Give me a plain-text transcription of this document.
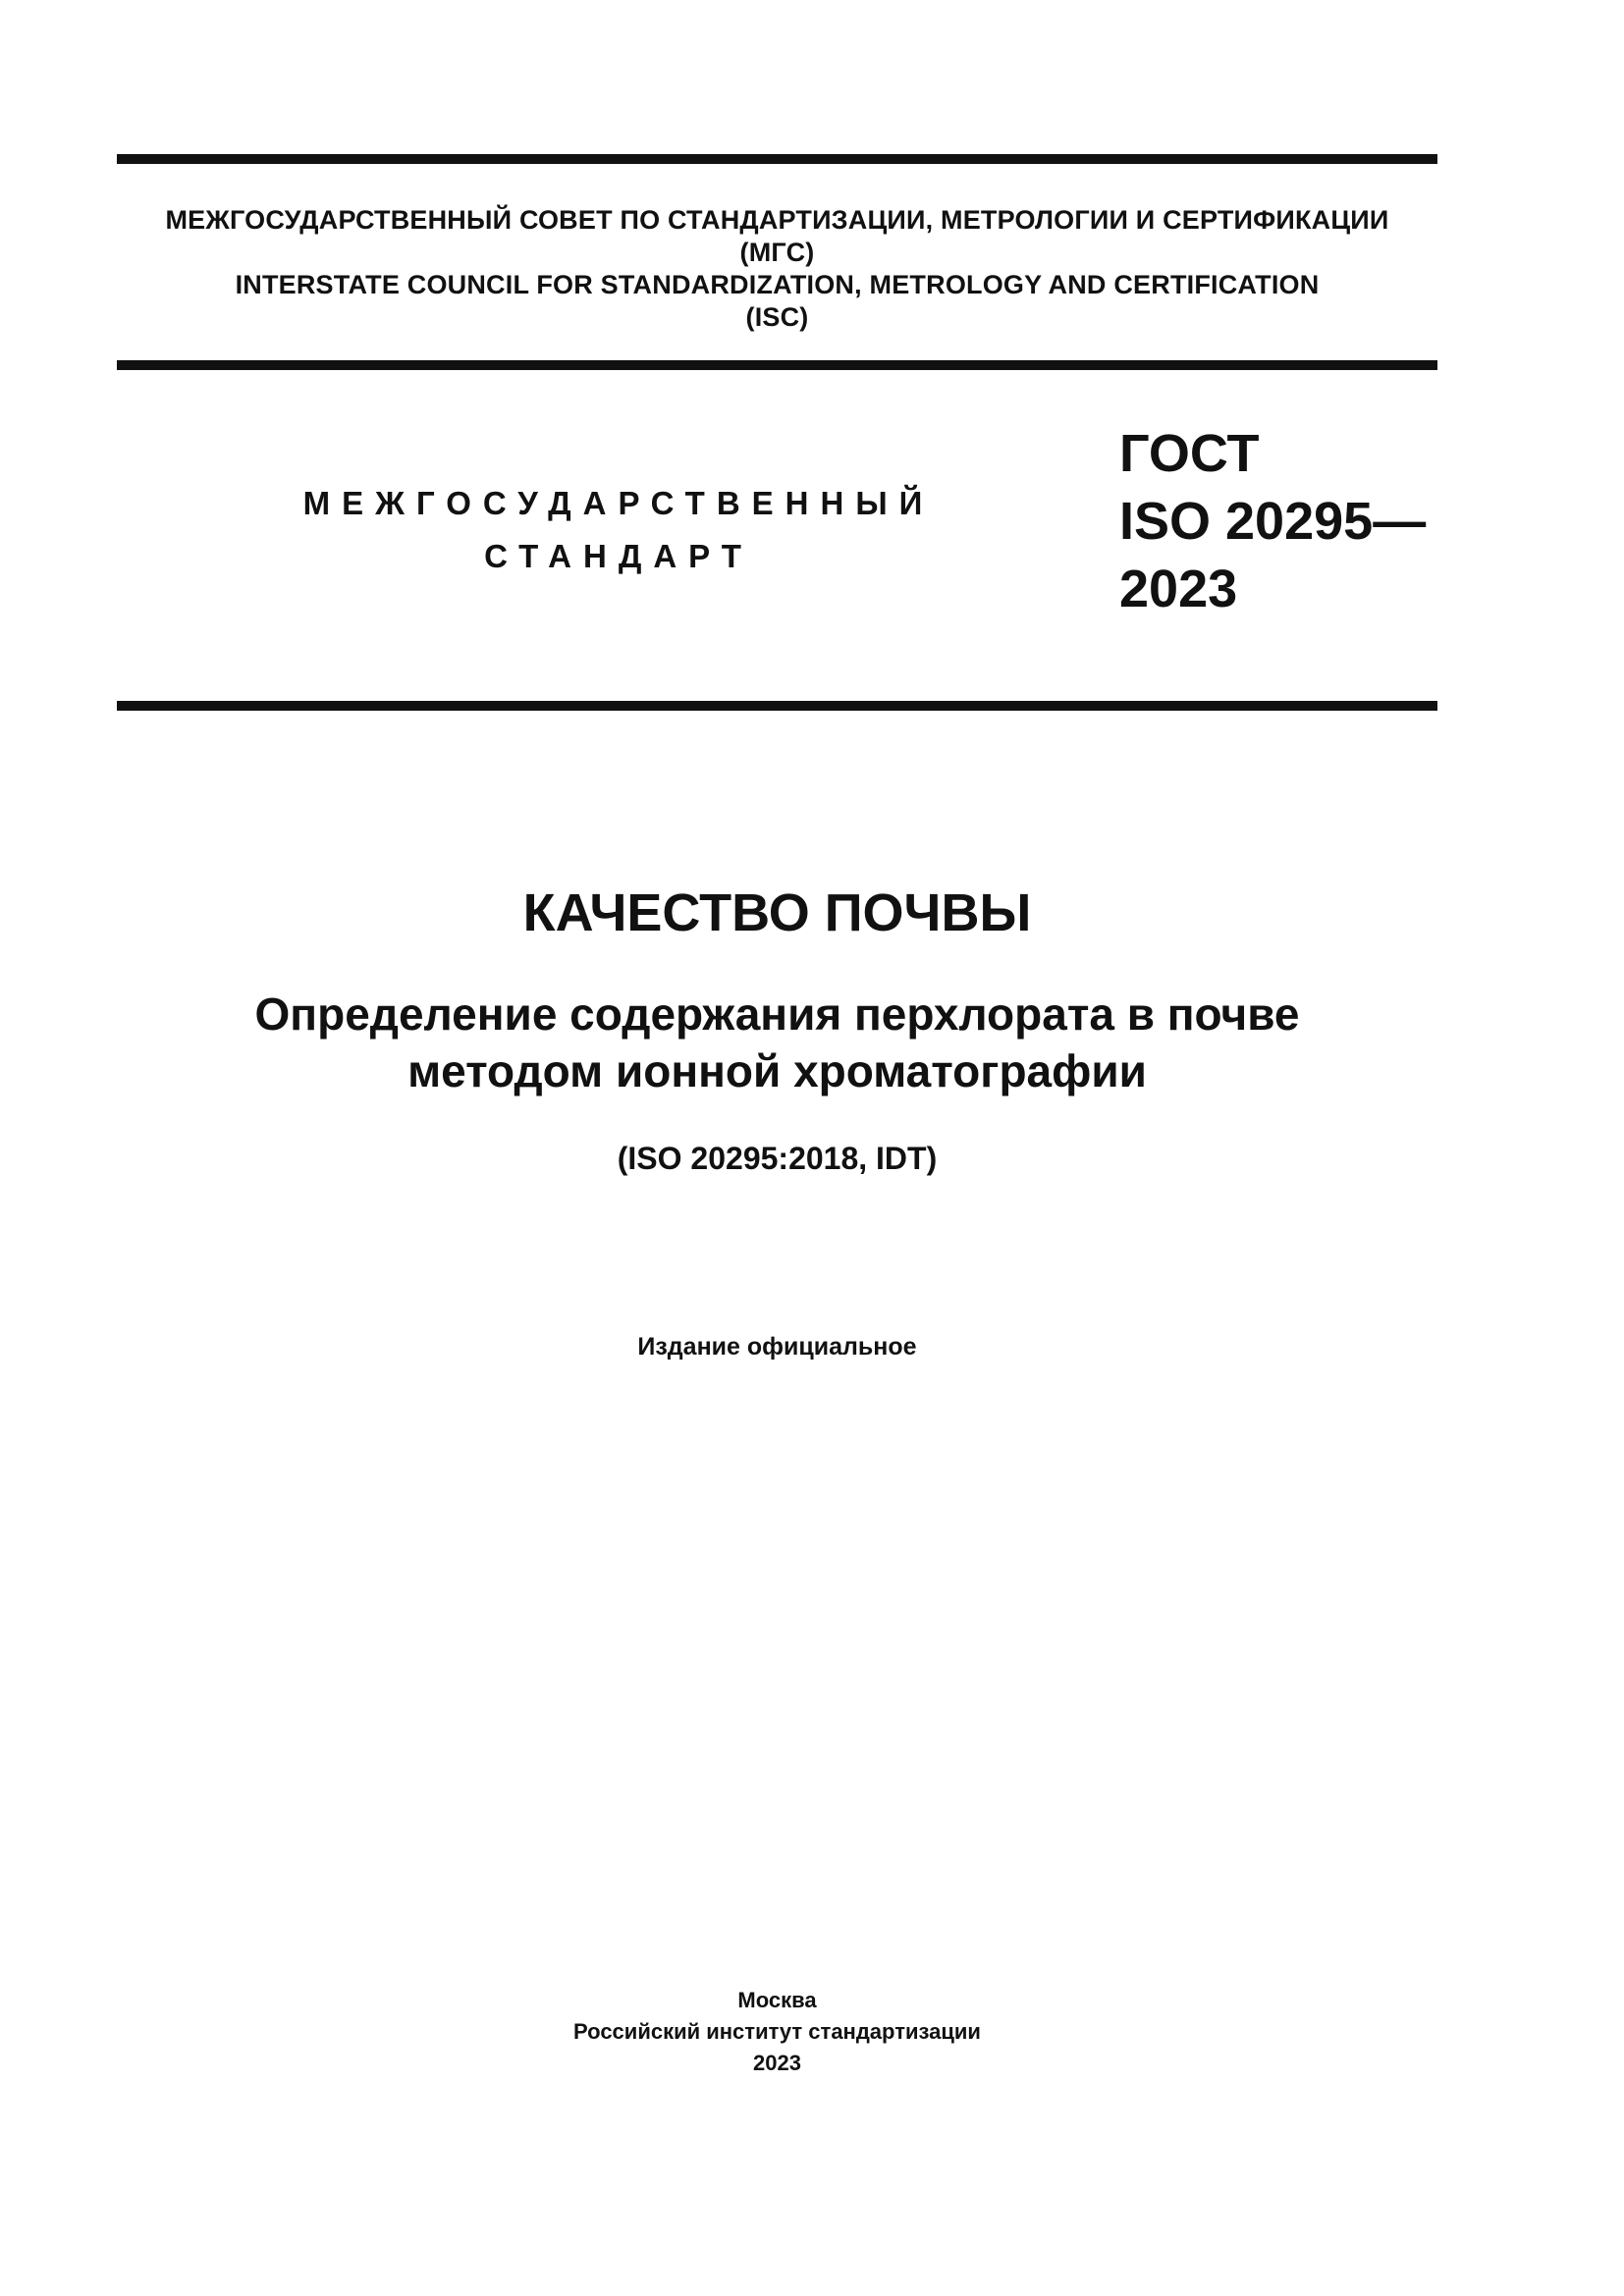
МЕЖГОСУДАРСТВЕННЫЙ СОВЕТ ПО СТАНДАРТИЗАЦИИ, МЕТРОЛОГИИ И СЕРТИФИКАЦИИ
(МГС)
INTERSTATE COUNCIL FOR STANDARDIZATION, METROLOGY AND CERTIFICATION
(ISC)
МЕЖГОСУДАРСТВЕННЫЙ
СТАНДАРТ
ГОСТ
ISO 20295—
2023
КАЧЕСТВО ПОЧВЫ
Определение содержания перхлората в почве
методом ионной хроматографии
(ISO 20295:2018, IDT)
Издание официальное
Москва
Российский институт стандартизации
2023
